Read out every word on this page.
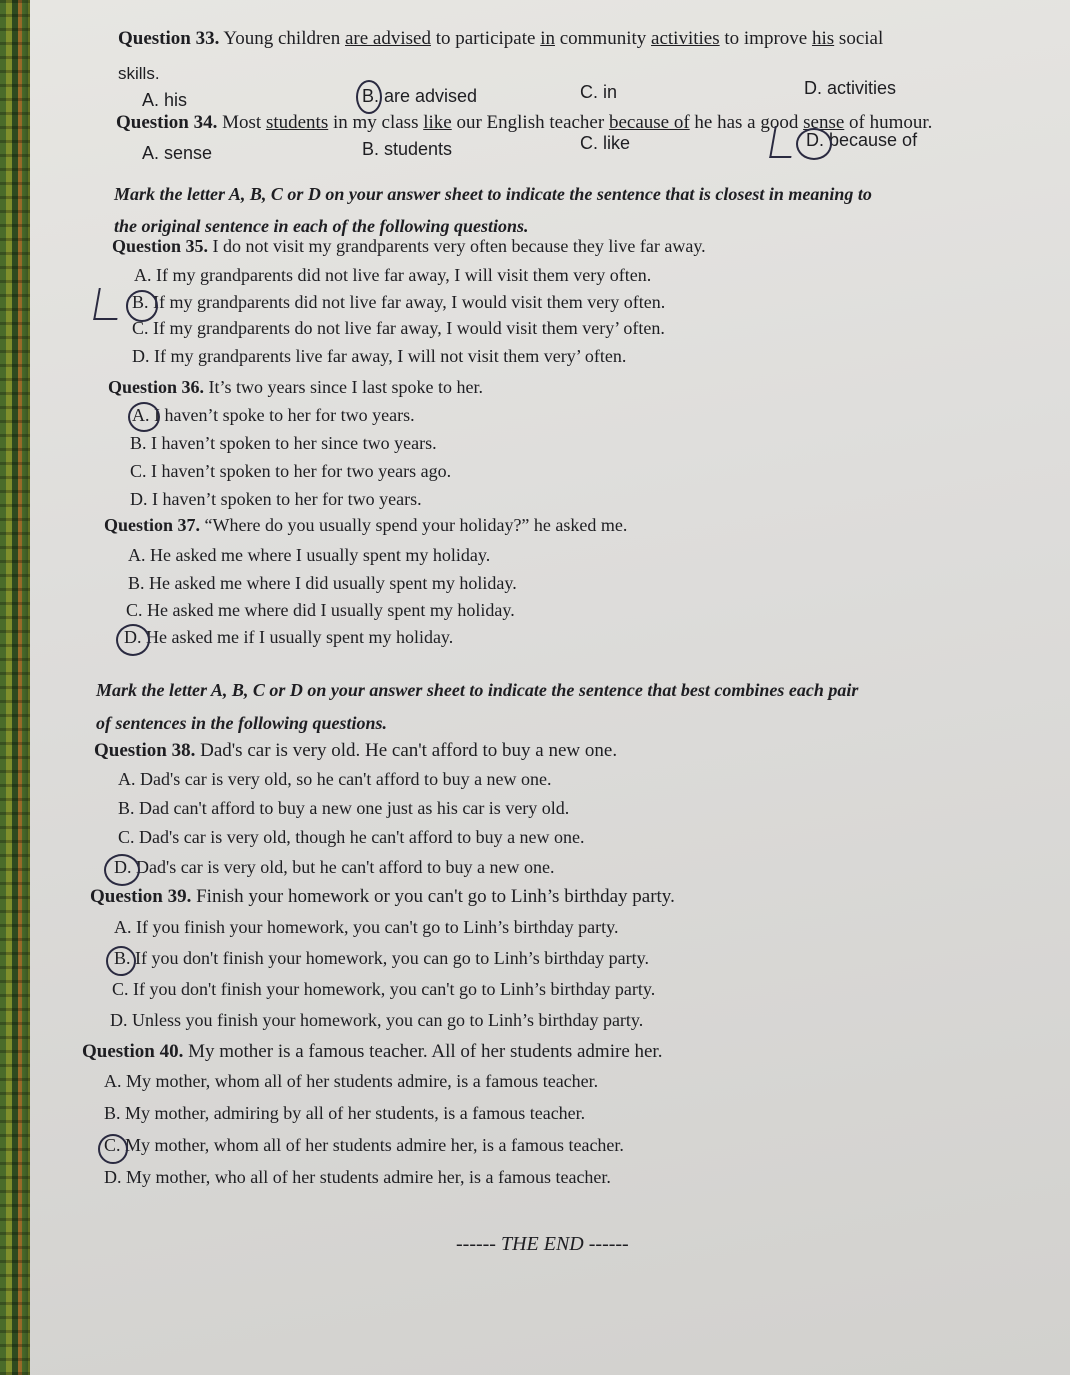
Question 33. Young children are advised to participate in community activities to improve his social
skills.
A. his	B. are advised	C. in	D. activities
Question 34. Most students in my class like our English teacher because of he has a good sense of humour.
A. sense	B. students	C. like	D. because of
Mark the letter A, B, C or D on your answer sheet to indicate the sentence that is closest in meaning to
the original sentence in each of the following questions.
Question 35. I do not visit my grandparents very often because they live far away.
A. If my grandparents did not live far away, I will visit them very often.
B. If my grandparents did not live far away, I would visit them very often.
C. If my grandparents do not live far away, I would visit them very’ often.
D. If my grandparents live far away, I will not visit them very’ often.
Question 36. It’s two years since I last spoke to her.
A. I haven’t spoke to her for two years.
B. I haven’t spoken to her since two years.
C. I haven’t spoken to her for two years ago.
D. I haven’t spoken to her for two years.
Question 37. “Where do you usually spend your holiday?” he asked me.
A. He asked me where I usually spent my holiday.
B. He asked me where I did usually spent my holiday.
C. He asked me where did I usually spent my holiday.
D. He asked me if I usually spent my holiday.
Mark the letter A, B, C or D on your answer sheet to indicate the sentence that best combines each pair
of sentences in the following questions.
Question 38. Dad's car is very old. He can't afford to buy a new one.
A. Dad's car is very old, so he can't afford to buy a new one.
B. Dad can't afford to buy a new one just as his car is very old.
C. Dad's car is very old, though he can't afford to buy a new one.
D. Dad's car is very old, but he can't afford to buy a new one.
Question 39. Finish your homework or you can't go to Linh’s birthday party.
A. If you finish your homework, you can't go to Linh’s birthday party.
B. If you don't finish your homework, you can go to Linh’s birthday party.
C. If you don't finish your homework, you can't go to Linh’s birthday party.
D. Unless you finish your homework, you can go to Linh’s birthday party.
Question 40. My mother is a famous teacher. All of her students admire her.
A. My mother, whom all of her students admire, is a famous teacher.
B. My mother, admiring by all of her students, is a famous teacher.
C. My mother, whom all of her students admire her, is a famous teacher.
D. My mother, who all of her students admire her, is a famous teacher.
------ THE END ------
